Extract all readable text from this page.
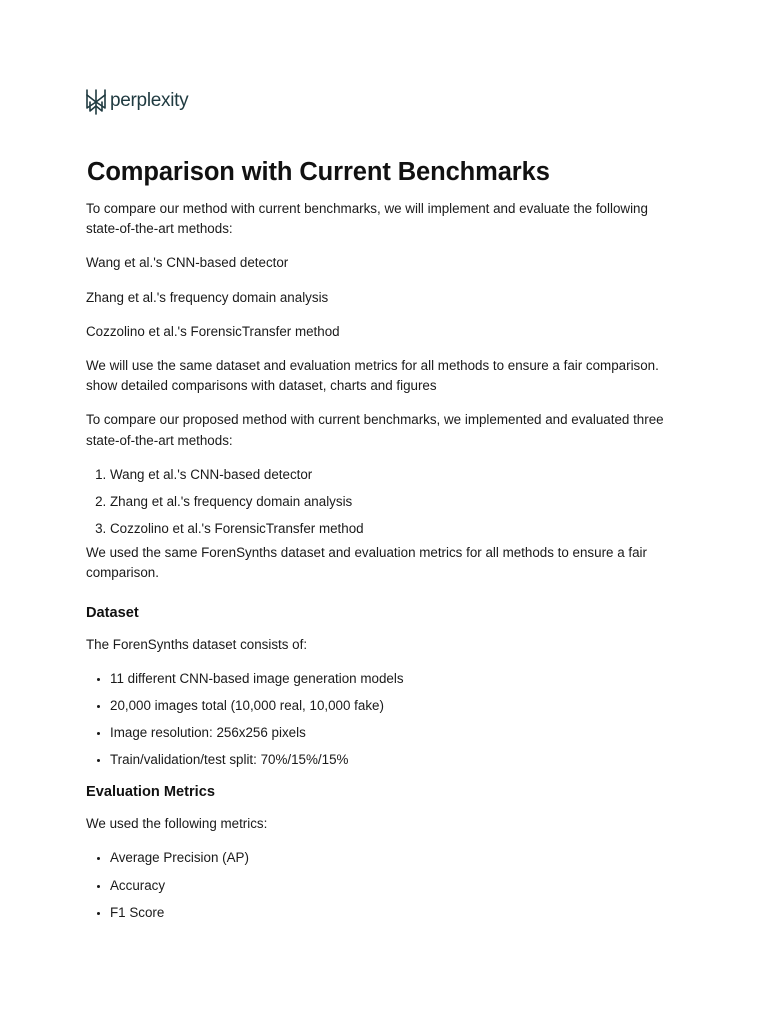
perplexity
Comparison with Current Benchmarks

To compare our method with current benchmarks, we will implement and evaluate the following state-of-the-art methods:

Wang et al.'s CNN-based detector

Zhang et al.'s frequency domain analysis

Cozzolino et al.'s ForensicTransfer method

We will use the same dataset and evaluation metrics for all methods to ensure a fair comparison.
show detailed comparisons with dataset, charts and figures

To compare our proposed method with current benchmarks, we implemented and evaluated three state-of-the-art methods:

1. Wang et al.'s CNN-based detector
2. Zhang et al.'s frequency domain analysis
3. Cozzolino et al.'s ForensicTransfer method

We used the same ForenSynths dataset and evaluation metrics for all methods to ensure a fair comparison.

Dataset

The ForenSynths dataset consists of:

• 11 different CNN-based image generation models
• 20,000 images total (10,000 real, 10,000 fake)
• Image resolution: 256x256 pixels
• Train/validation/test split: 70%/15%/15%
Evaluation Metrics

We used the following metrics:

• Average Precision (AP)
• Accuracy
• F1 Score
